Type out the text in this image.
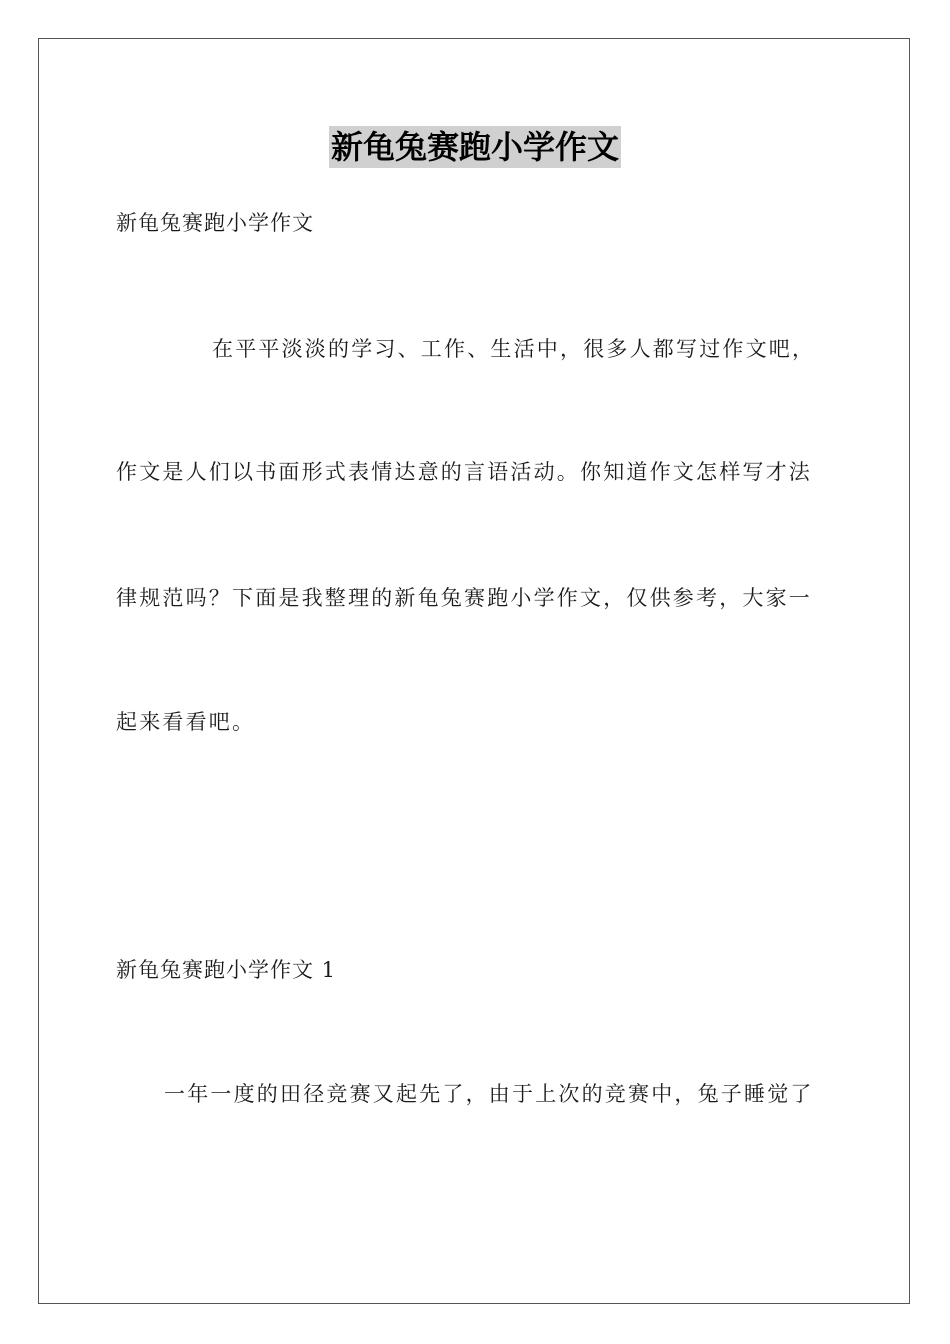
新龟兔赛跑小学作文
新龟兔赛跑小学作文
在平平淡淡的学习、工作、生活中，很多人都写过作文吧，
作文是人们以书面形式表情达意的言语活动。你知道作文怎样写才法
律规范吗？下面是我整理的新龟兔赛跑小学作文，仅供参考，大家一
起来看看吧。
新龟兔赛跑小学作文 1
一年一度的田径竞赛又起先了，由于上次的竞赛中，兔子睡觉了
